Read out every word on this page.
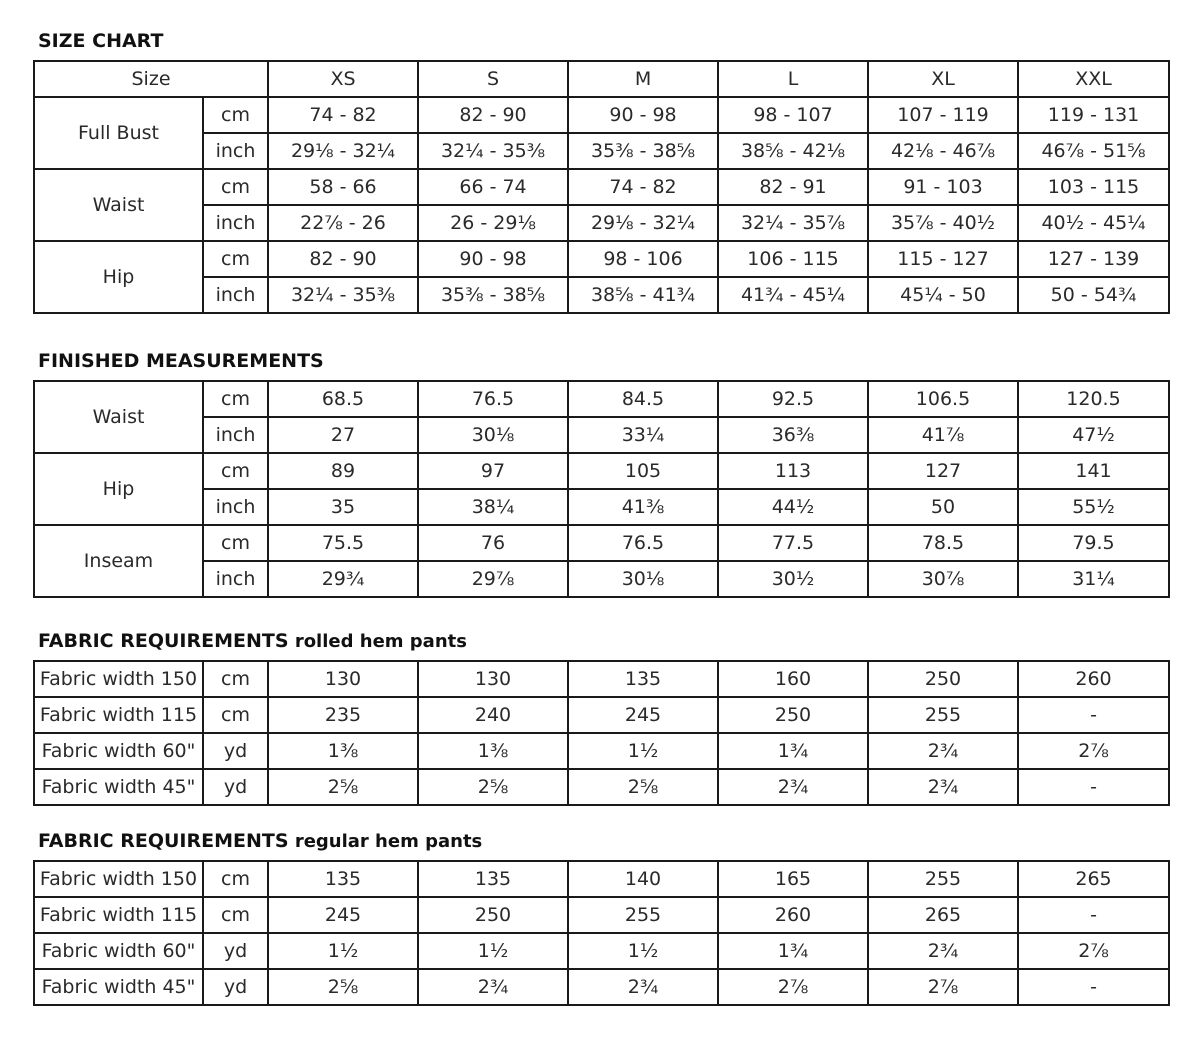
SIZE CHART
Size		XS	S	M	L	XL	XXL
Full Bust	cm	74 - 82	82 - 90	90 - 98	98 - 107	107 - 119	119 - 131
	inch	29⅛ - 32¼	32¼ - 35⅜	35⅜ - 38⅝	38⅝ - 42⅛	42⅛ - 46⅞	46⅞ - 51⅝
Waist	cm	58 - 66	66 - 74	74 - 82	82 - 91	91 - 103	103 - 115
	inch	22⅞ - 26	26 - 29⅛	29⅛ - 32¼	32¼ - 35⅞	35⅞ - 40½	40½ - 45¼
Hip	cm	82 - 90	90 - 98	98 - 106	106 - 115	115 - 127	127 - 139
	inch	32¼ - 35⅜	35⅜ - 38⅝	38⅝ - 41¾	41¾ - 45¼	45¼ - 50	50 - 54¾
FINISHED MEASUREMENTS
Waist	cm	68.5	76.5	84.5	92.5	106.5	120.5
	inch	27	30⅛	33¼	36⅜	41⅞	47½
Hip	cm	89	97	105	113	127	141
	inch	35	38¼	41⅜	44½	50	55½
Inseam	cm	75.5	76	76.5	77.5	78.5	79.5
	inch	29¾	29⅞	30⅛	30½	30⅞	31¼
FABRIC REQUIREMENTS rolled hem pants
Fabric width 150	cm	130	130	135	160	250	260
Fabric width 115	cm	235	240	245	250	255	-
Fabric width 60"	yd	1⅜	1⅜	1½	1¾	2¾	2⅞
Fabric width 45"	yd	2⅝	2⅝	2⅝	2¾	2¾	-
FABRIC REQUIREMENTS regular hem pants
Fabric width 150	cm	135	135	140	165	255	265
Fabric width 115	cm	245	250	255	260	265	-
Fabric width 60"	yd	1½	1½	1½	1¾	2¾	2⅞
Fabric width 45"	yd	2⅝	2¾	2¾	2⅞	2⅞	-
